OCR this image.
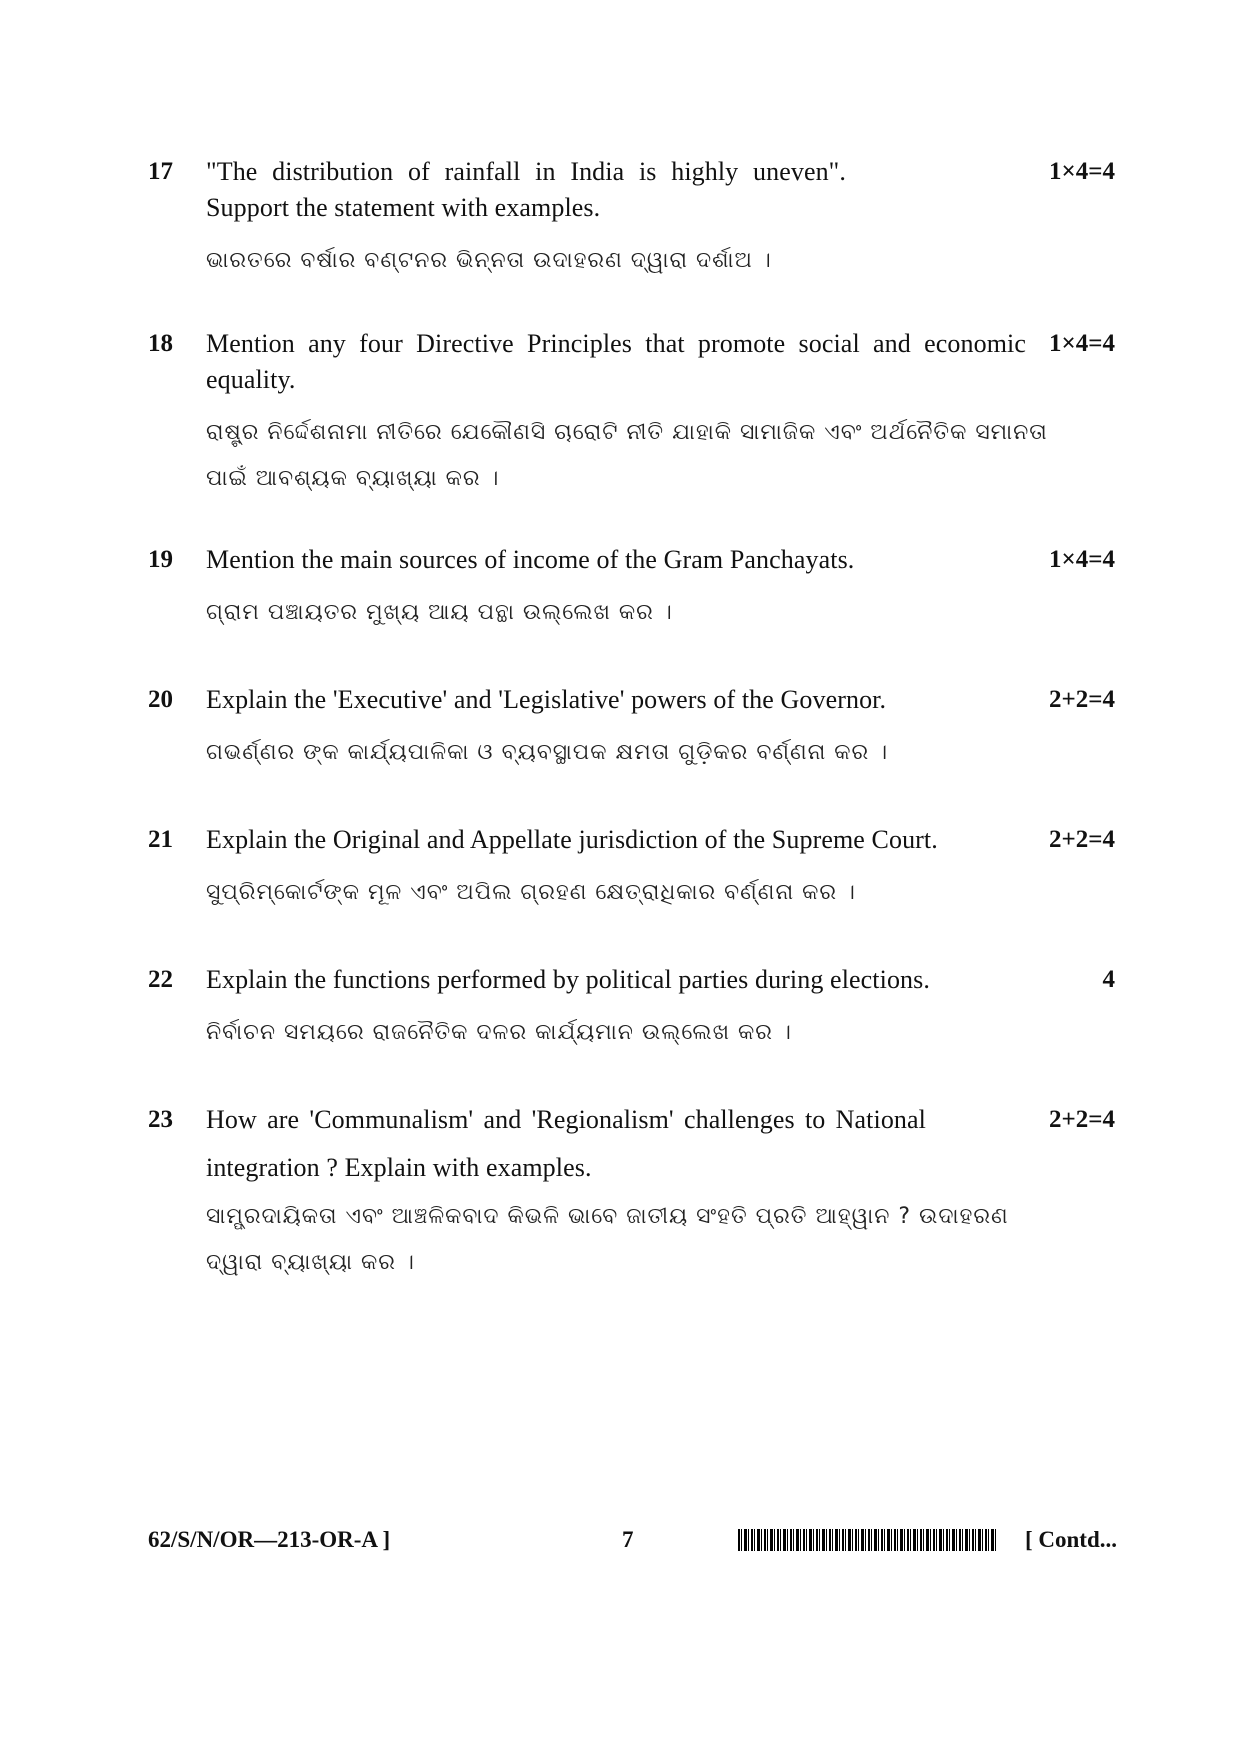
17 "The distribution of rainfall in India is highly uneven". Support the statement with examples.

ଭାରତରେ ବର୍ଷାର ବଣ୍ଟନର ଭିନ୍ନତା ଉଦାହରଣ ଦ୍ୱାରା ଦର୍ଶାଅ ।

1×4=4
18 Mention any four Directive Principles that promote social and economic equality.

ରାଷ୍ଟ୍ର ନିର୍ଦ୍ଦେଶନାମା ନୀତିରେ ଯେକୌଣସି ଚାରୋଟି ନୀତି ଯାହାକି ସାମାଜିକ ଏବଂ ଅର୍ଥନୈତିକ ସମାନତା ପାଇଁ ଆବଶ୍ୟକ ବ୍ୟାଖ୍ୟା କର ।

1×4=4
19 Mention the main sources of income of the Gram Panchayats.

ଗ୍ରାମ ପଞ୍ଚାୟତର ମୁଖ୍ୟ ଆୟ ପନ୍ଥା ଉଲ୍ଲେଖ କର ।

1×4=4
20 Explain the 'Executive' and 'Legislative' powers of the Governor.

ଗଭର୍ଣ୍ଣର ଙ୍କ କାର୍ଯ୍ୟପାଳିକା ଓ ବ୍ୟବସ୍ଥାପକ କ୍ଷମତା ଗୁଡ଼ିକର ବର୍ଣ୍ଣନା କର ।

2+2=4
21 Explain the Original and Appellate jurisdiction of the Supreme Court.

ସୁପ୍ରିମ୍‌କୋର୍ଟଙ୍କ ମୂଳ ଏବଂ ଅପିଲ ଗ୍ରହଣ କ୍ଷେତ୍ରାଧିକାର ବର୍ଣ୍ଣନା କର ।

2+2=4
22 Explain the functions performed by political parties during elections.

ନିର୍ବାଚନ ସମୟରେ ରାଜନୈତିକ ଦଳର କାର୍ଯ୍ୟମାନ ଉଲ୍ଲେଖ କର ।

4
23 How are 'Communalism' and 'Regionalism' challenges to National integration ? Explain with examples.

ସାମ୍ପ୍ରଦାୟିକତା ଏବଂ ଆଞ୍ଚଳିକବାଦ କିଭଳି ଭାବେ ଜାତୀୟ ସଂହତି ପ୍ରତି ଆହ୍ୱାନ ? ଉଦାହରଣ ଦ୍ୱାରା ବ୍ୟାଖ୍ୟା କର ।

2+2=4
62/S/N/OR—213-OR-A ]	7	[ Contd...
